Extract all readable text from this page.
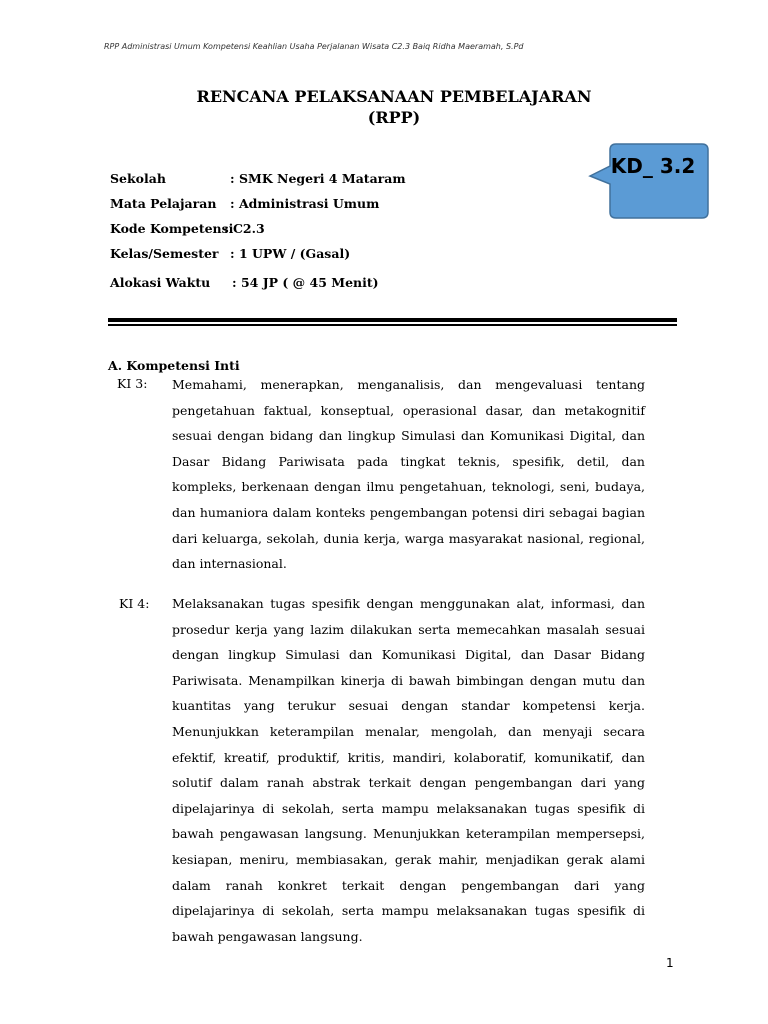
RPP Administrasi Umum Kompetensi Keahlian Usaha Perjalanan Wisata C2.3 Baiq Ridha Maeramah, S.Pd
RENCANA PELAKSANAAN PEMBELAJARAN
(RPP)
Sekolah	: SMK Negeri 4 Mataram
Mata Pelajaran : Administrasi Umum
Kode Kompetensi
: C2.3
Kelas/Semester : 1 UPW / (Gasal)
Alokasi Waktu : 54 JP ( @ 45 Menit)
KD_ 3.2
A. Kompetensi Inti
KI 3: Memahami, menerapkan, menganalisis, dan mengevaluasi tentang pengetahuan faktual, konseptual, operasional dasar, dan metakognitif sesuai dengan bidang dan lingkup Simulasi dan Komunikasi Digital, dan Dasar Bidang Pariwisata pada tingkat teknis, spesifik, detil, dan kompleks, berkenaan dengan ilmu pengetahuan, teknologi, seni, budaya, dan humaniora dalam konteks pengembangan potensi diri sebagai bagian dari keluarga, sekolah, dunia kerja, warga masyarakat nasional, regional, dan internasional.
KI 4: Melaksanakan tugas spesifik dengan menggunakan alat, informasi, dan prosedur kerja yang lazim dilakukan serta memecahkan masalah sesuai dengan lingkup Simulasi dan Komunikasi Digital, dan Dasar Bidang Pariwisata. Menampilkan kinerja di bawah bimbingan dengan mutu dan kuantitas yang terukur sesuai dengan standar kompetensi kerja. Menunjukkan keterampilan menalar, mengolah, dan menyaji secara efektif, kreatif, produktif, kritis, mandiri, kolaboratif, komunikatif, dan solutif dalam ranah abstrak terkait dengan pengembangan dari yang dipelajarinya di sekolah, serta mampu melaksanakan tugas spesifik di bawah pengawasan langsung. Menunjukkan keterampilan mempersepsi, kesiapan, meniru, membiasakan, gerak mahir, menjadikan gerak alami dalam ranah konkret terkait dengan pengembangan dari yang dipelajarinya di sekolah, serta mampu melaksanakan tugas spesifik di bawah pengawasan langsung.
1
